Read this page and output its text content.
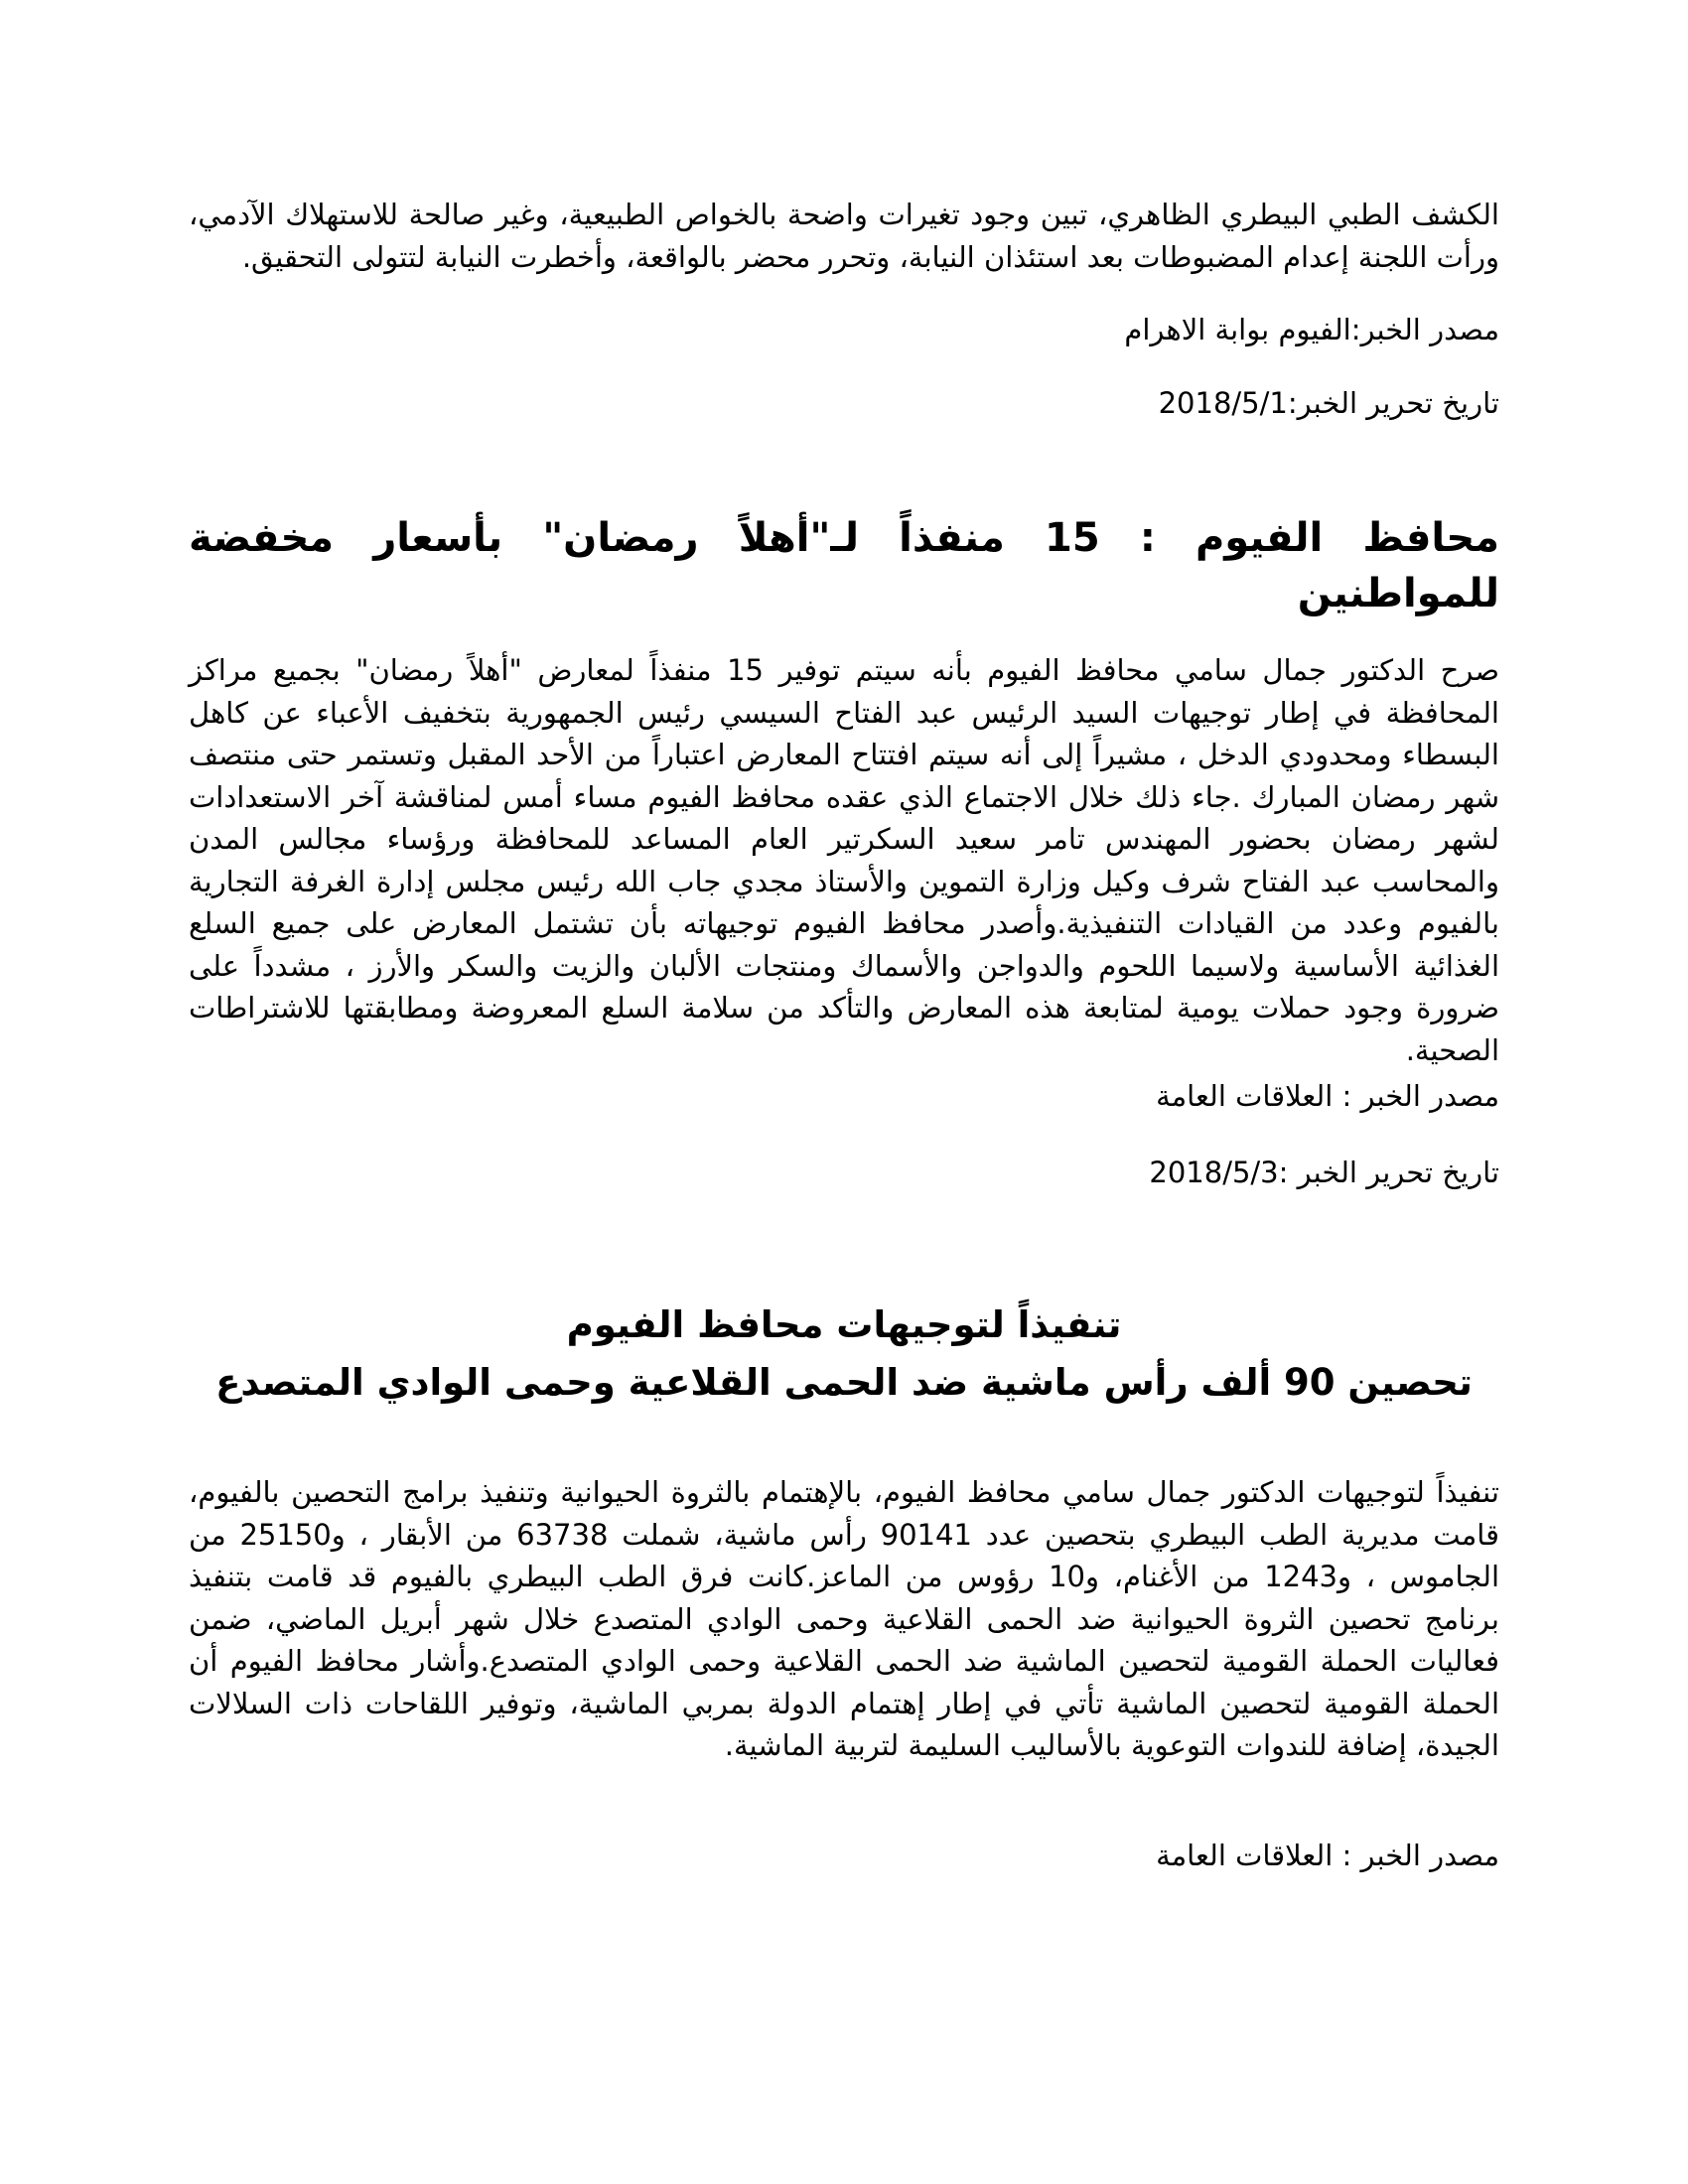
الكشف الطبي البيطري الظاهري، تبين وجود تغيرات واضحة بالخواص الطبيعية، وغير صالحة للاستهلاك الآدمي، ورأت اللجنة إعدام المضبوطات بعد استئذان النيابة، وتحرر محضر بالواقعة، وأخطرت النيابة لتتولى التحقيق.

مصدر الخبر:الفيوم بوابة الاهرام

تاريخ تحرير الخبر:2018/5/1

محافظ الفيوم : 15 منفذاً لـ"أهلاً رمضان" بأسعار مخفضة للمواطنين

صرح الدكتور جمال سامي محافظ الفيوم بأنه سيتم توفير 15 منفذاً لمعارض "أهلاً رمضان" بجميع مراكز المحافظة في إطار توجيهات السيد الرئيس عبد الفتاح السيسي رئيس الجمهورية بتخفيف الأعباء عن كاهل البسطاء ومحدودي الدخل ، مشيراً إلى أنه سيتم افتتاح المعارض اعتباراً من الأحد المقبل وتستمر حتى منتصف شهر رمضان المبارك .جاء ذلك خلال الاجتماع الذي عقده محافظ الفيوم مساء أمس لمناقشة آخر الاستعدادات لشهر رمضان بحضور المهندس تامر سعيد السكرتير العام المساعد للمحافظة ورؤساء مجالس المدن والمحاسب عبد الفتاح شرف وكيل وزارة التموين والأستاذ مجدي جاب الله رئيس مجلس إدارة الغرفة التجارية بالفيوم وعدد من القيادات التنفيذية.وأصدر محافظ الفيوم توجيهاته بأن تشتمل المعارض على جميع السلع الغذائية الأساسية ولاسيما اللحوم والدواجن والأسماك ومنتجات الألبان والزيت والسكر والأرز ، مشدداً على ضرورة وجود حملات يومية لمتابعة هذه المعارض والتأكد من سلامة السلع المعروضة ومطابقتها للاشتراطات الصحية.

مصدر الخبر : العلاقات العامة

تاريخ تحرير الخبر :2018/5/3

تنفيذاً لتوجيهات محافظ الفيوم

تحصين 90 ألف رأس ماشية ضد الحمى القلاعية وحمى الوادي المتصدع

تنفيذاً لتوجيهات الدكتور جمال سامي محافظ الفيوم، بالإهتمام بالثروة الحيوانية وتنفيذ برامج التحصين بالفيوم، قامت مديرية الطب البيطري بتحصين عدد 90141 رأس ماشية، شملت 63738 من الأبقار ، و25150 من الجاموس ، و1243 من الأغنام، و10 رؤوس من الماعز.كانت فرق الطب البيطري بالفيوم قد قامت بتنفيذ برنامج تحصين الثروة الحيوانية ضد الحمى القلاعية وحمى الوادي المتصدع خلال شهر أبريل الماضي، ضمن فعاليات الحملة القومية لتحصين الماشية ضد الحمى القلاعية وحمى الوادي المتصدع.وأشار محافظ الفيوم أن الحملة القومية لتحصين الماشية تأتي في إطار إهتمام الدولة بمربي الماشية، وتوفير اللقاحات ذات السلالات الجيدة، إضافة للندوات التوعوية بالأساليب السليمة لتربية الماشية.

مصدر الخبر : العلاقات العامة
